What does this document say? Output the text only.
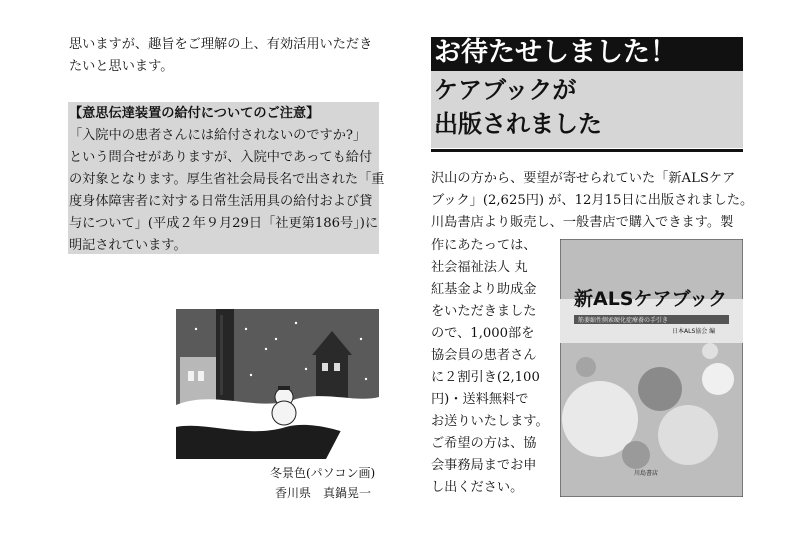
思いますが、趣旨をご理解の上、有効活用いただき
たいと思います。
【意思伝達装置の給付についてのご注意】
「入院中の患者さんには給付されないのですか?」
という問合せがありますが、入院中であっても給付
の対象となります。厚生省社会局長名で出された「重
度身体障害者に対する日常生活用具の給付および貸
与について」(平成２年９月29日「社更第186号」)に
明記されています。
冬景色(パソコン画)
香川県　真鍋晃一
お待たせしました！
ケアブックが
出版されました
沢山の方から、要望が寄せられていた「新ALSケア
ブック」(2,625円) が、12月15日に出版されました。
川島書店より販売し、一般書店で購入できます。製
作にあたっては、
社会福祉法人 丸
紅基金より助成金
をいただきました
ので、1,000部を
協会員の患者さん
に２割引き(2,100
円)・送料無料で
お送りいたします。
ご希望の方は、協
会事務局までお申
し出ください。
新ALSケアブック
筋萎縮性側索硬化症療養の手引き
日本ALS協会 編
川島書店
